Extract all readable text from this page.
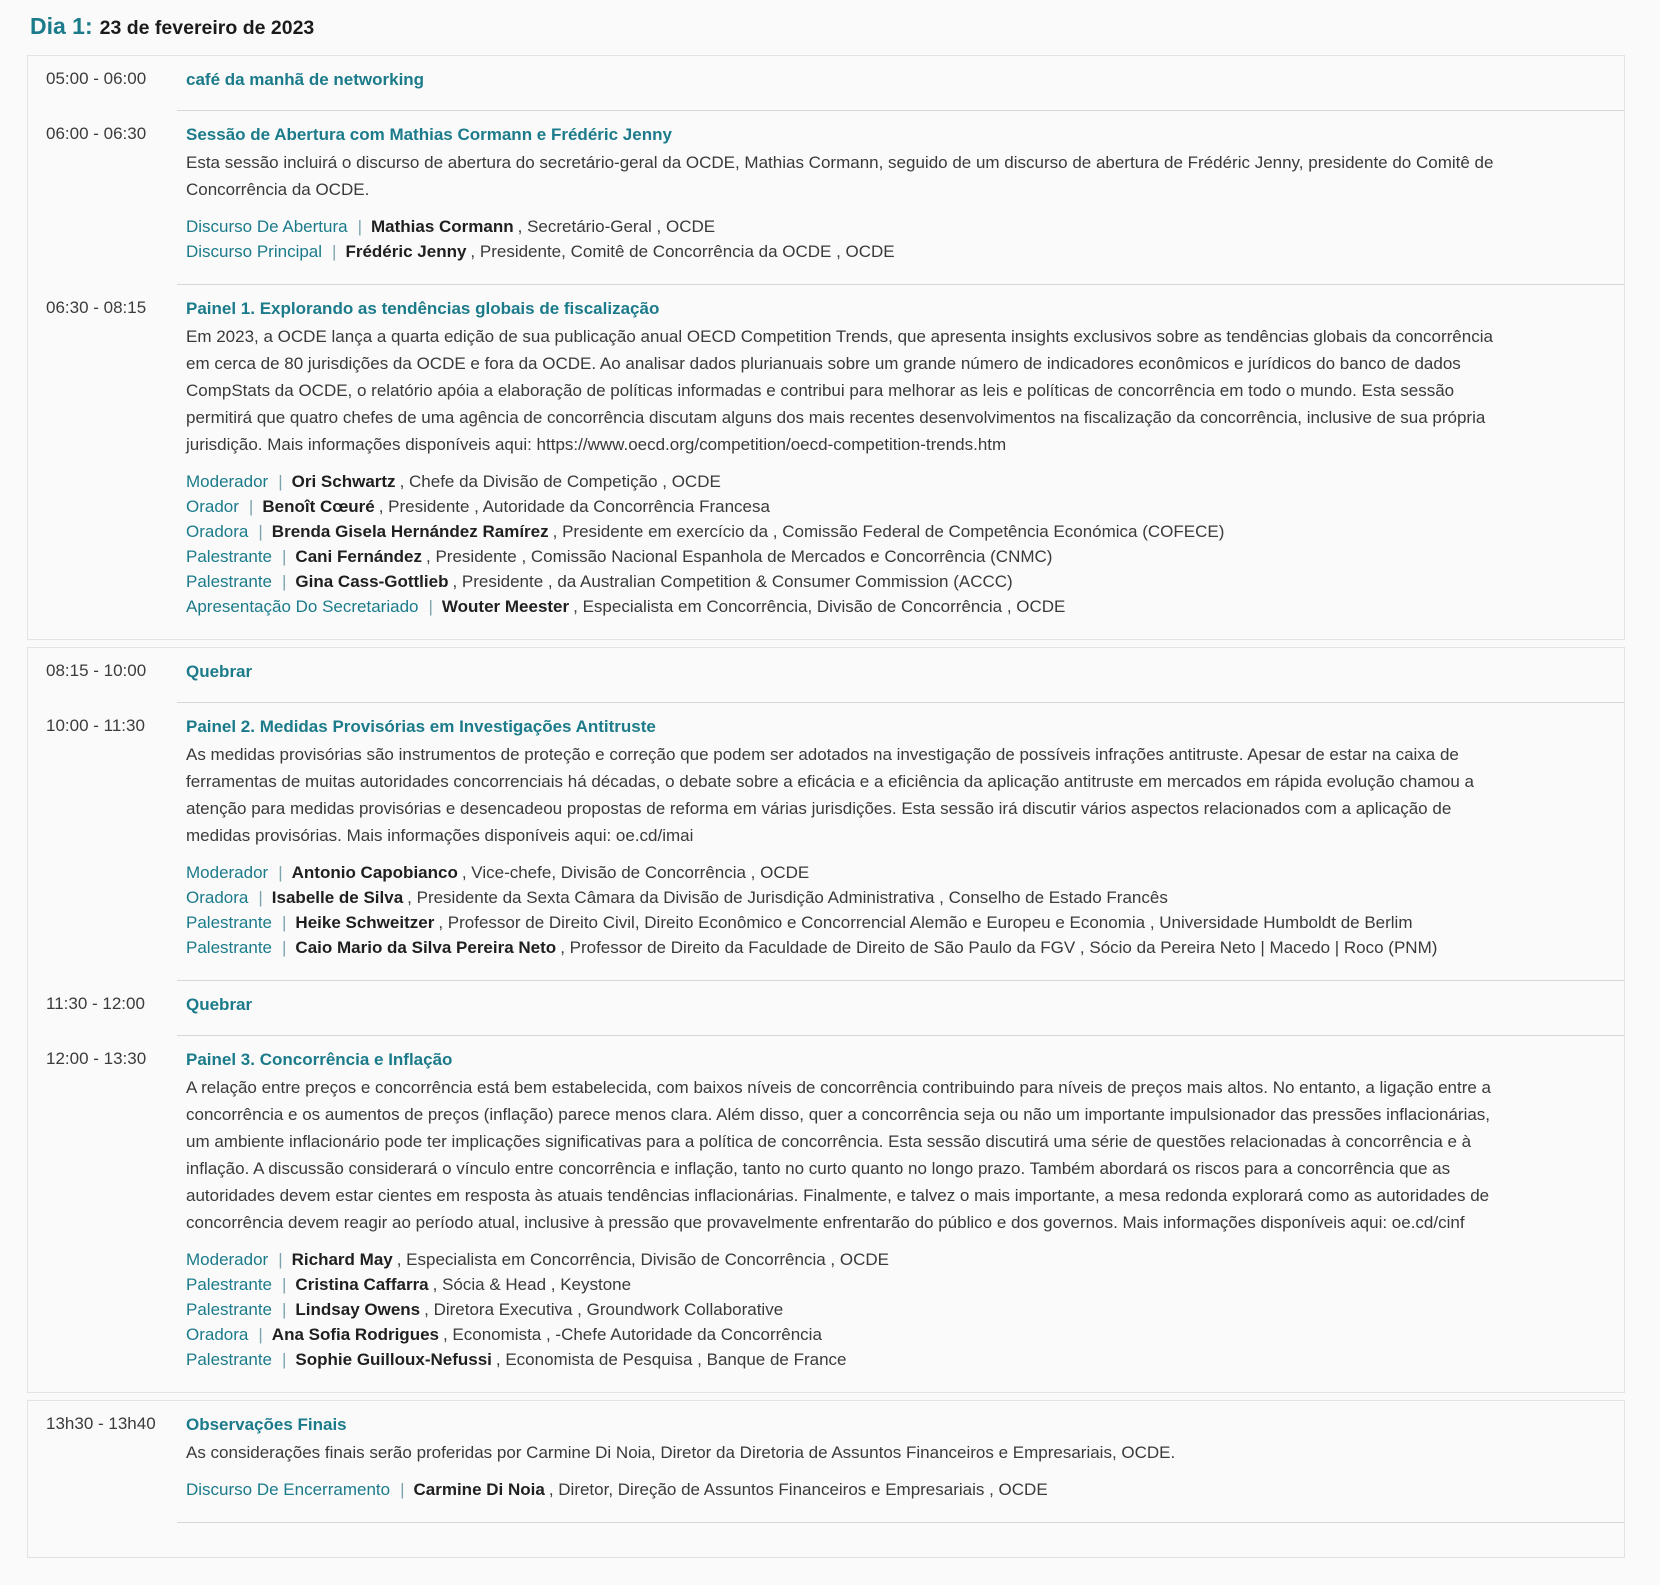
Dia 1: 23 de fevereiro de 2023
05:00 - 06:00	café da manhã de networking
06:00 - 06:30	Sessão de Abertura com Mathias Cormann e Frédéric Jenny

Esta sessão incluirá o discurso de abertura do secretário-geral da OCDE, Mathias Cormann, seguido de um discurso de abertura de Frédéric Jenny, presidente do Comitê de Concorrência da OCDE.

Discurso De Abertura | Mathias Cormann , Secretário-Geral , OCDE
Discurso Principal | Frédéric Jenny , Presidente, Comitê de Concorrência da OCDE , OCDE
06:30 - 08:15	Painel 1. Explorando as tendências globais de fiscalização

Em 2023, a OCDE lança a quarta edição de sua publicação anual OECD Competition Trends, que apresenta insights exclusivos sobre as tendências globais da concorrência em cerca de 80 jurisdições da OCDE e fora da OCDE. Ao analisar dados plurianuais sobre um grande número de indicadores econômicos e jurídicos do banco de dados CompStats da OCDE, o relatório apóia a elaboração de políticas informadas e contribui para melhorar as leis e políticas de concorrência em todo o mundo. Esta sessão permitirá que quatro chefes de uma agência de concorrência discutam alguns dos mais recentes desenvolvimentos na fiscalização da concorrência, inclusive de sua própria jurisdição. Mais informações disponíveis aqui: https://www.oecd.org/competition/oecd-competition-trends.htm

Moderador | Ori Schwartz , Chefe da Divisão de Competição , OCDE
Orador | Benoît Cœuré , Presidente , Autoridade da Concorrência Francesa
Oradora | Brenda Gisela Hernández Ramírez , Presidente em exercício da , Comissão Federal de Competência Económica (COFECE)
Palestrante | Cani Fernández , Presidente , Comissão Nacional Espanhola de Mercados e Concorrência (CNMC)
Palestrante | Gina Cass-Gottlieb , Presidente , da Australian Competition & Consumer Commission (ACCC)
Apresentação Do Secretariado | Wouter Meester , Especialista em Concorrência, Divisão de Concorrência , OCDE
08:15 - 10:00	Quebrar
10:00 - 11:30	Painel 2. Medidas Provisórias em Investigações Antitruste

As medidas provisórias são instrumentos de proteção e correção que podem ser adotados na investigação de possíveis infrações antitruste. Apesar de estar na caixa de ferramentas de muitas autoridades concorrenciais há décadas, o debate sobre a eficácia e a eficiência da aplicação antitruste em mercados em rápida evolução chamou a atenção para medidas provisórias e desencadeou propostas de reforma em várias jurisdições. Esta sessão irá discutir vários aspectos relacionados com a aplicação de medidas provisórias. Mais informações disponíveis aqui: oe.cd/imai

Moderador | Antonio Capobianco , Vice-chefe, Divisão de Concorrência , OCDE
Oradora | Isabelle de Silva , Presidente da Sexta Câmara da Divisão de Jurisdição Administrativa , Conselho de Estado Francês
Palestrante | Heike Schweitzer , Professor de Direito Civil, Direito Econômico e Concorrencial Alemão e Europeu e Economia , Universidade Humboldt de Berlim
Palestrante | Caio Mario da Silva Pereira Neto , Professor de Direito da Faculdade de Direito de São Paulo da FGV , Sócio da Pereira Neto | Macedo | Roco (PNM)
11:30 - 12:00	Quebrar
12:00 - 13:30	Painel 3. Concorrência e Inflação

A relação entre preços e concorrência está bem estabelecida, com baixos níveis de concorrência contribuindo para níveis de preços mais altos. No entanto, a ligação entre a concorrência e os aumentos de preços (inflação) parece menos clara. Além disso, quer a concorrência seja ou não um importante impulsionador das pressões inflacionárias, um ambiente inflacionário pode ter implicações significativas para a política de concorrência. Esta sessão discutirá uma série de questões relacionadas à concorrência e à inflação. A discussão considerará o vínculo entre concorrência e inflação, tanto no curto quanto no longo prazo. Também abordará os riscos para a concorrência que as autoridades devem estar cientes em resposta às atuais tendências inflacionárias. Finalmente, e talvez o mais importante, a mesa redonda explorará como as autoridades de concorrência devem reagir ao período atual, inclusive à pressão que provavelmente enfrentarão do público e dos governos. Mais informações disponíveis aqui: oe.cd/cinf

Moderador | Richard May , Especialista em Concorrência, Divisão de Concorrência , OCDE
Palestrante | Cristina Caffarra , Sócia & Head , Keystone
Palestrante | Lindsay Owens , Diretora Executiva , Groundwork Collaborative
Oradora | Ana Sofia Rodrigues , Economista , -Chefe Autoridade da Concorrência
Palestrante | Sophie Guilloux-Nefussi , Economista de Pesquisa , Banque de France
13h30 - 13h40	Observações Finais

As considerações finais serão proferidas por Carmine Di Noia, Diretor da Diretoria de Assuntos Financeiros e Empresariais, OCDE.

Discurso De Encerramento | Carmine Di Noia , Diretor, Direção de Assuntos Financeiros e Empresariais , OCDE
